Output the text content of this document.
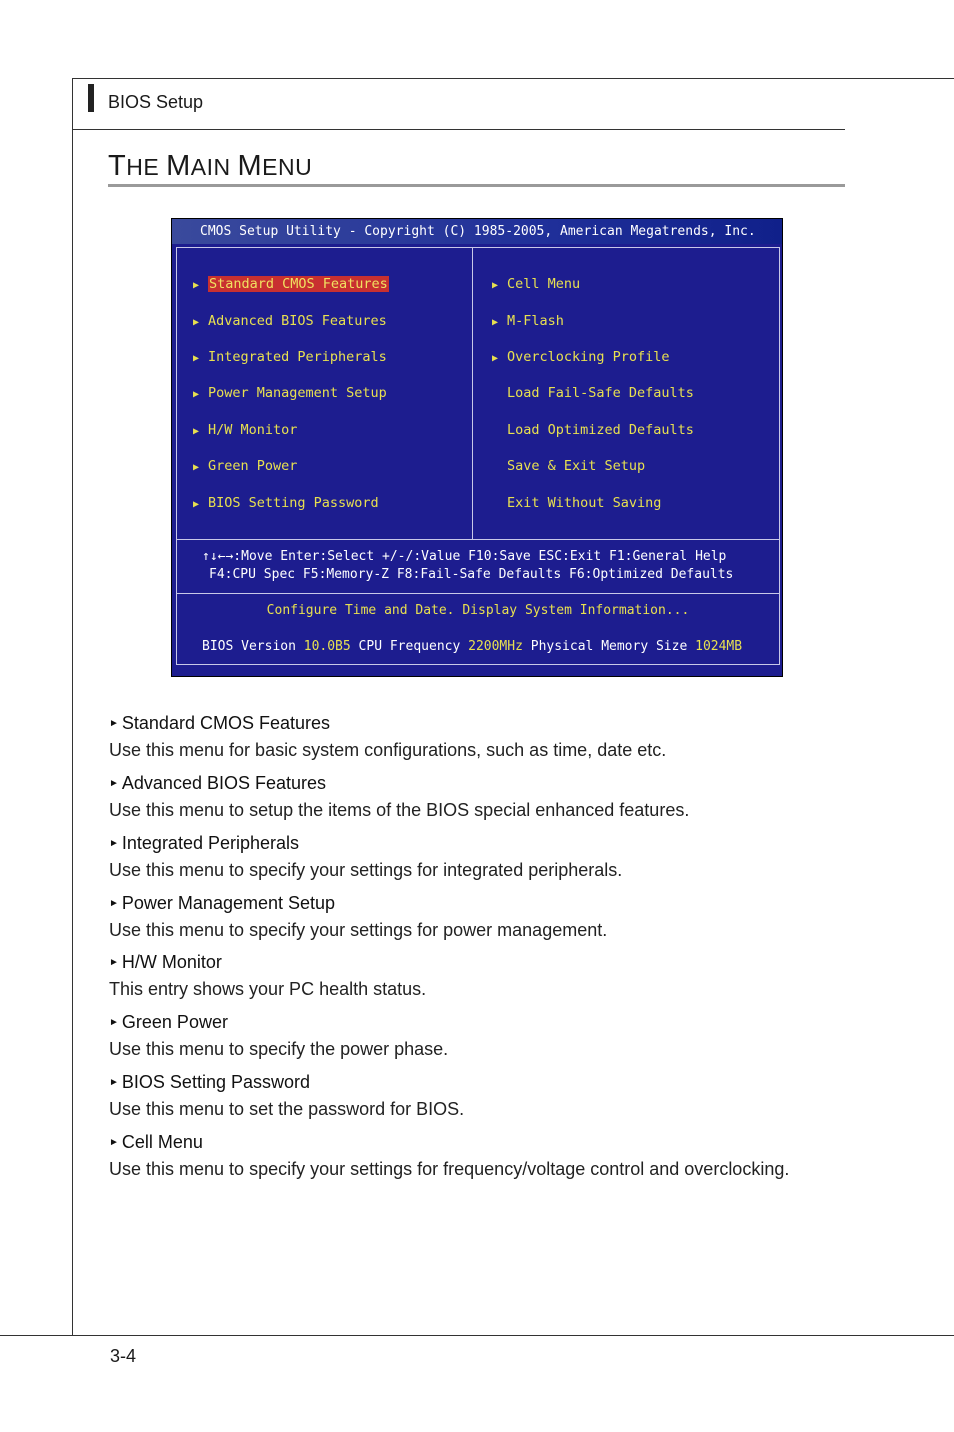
BIOS Setup
THE MAIN MENU
CMOS Setup Utility - Copyright (C) 1985-2005, American Megatrends, Inc.
▶ Standard CMOS Features
▶ Advanced BIOS Features
▶ Integrated Peripherals
▶ Power Management Setup
▶ H/W Monitor
▶ Green Power
▶ BIOS Setting Password
▶ Cell Menu
▶ M-Flash
▶ Overclocking Profile
Load Fail-Safe Defaults
Load Optimized Defaults
Save & Exit Setup
Exit Without Saving
↑↓←→:Move Enter:Select +/-/:Value F10:Save ESC:Exit F1:General Help
F4:CPU Spec F5:Memory-Z F8:Fail-Safe Defaults F6:Optimized Defaults
Configure Time and Date. Display System Information...
BIOS Version 10.0B5 CPU Frequency 2200MHz Physical Memory Size 1024MB
► Standard CMOS Features
Use this menu for basic system configurations, such as time, date etc.
► Advanced BIOS Features
Use this menu to setup the items of the BIOS special enhanced features.
► Integrated Peripherals
Use this menu to specify your settings for integrated peripherals.
► Power Management Setup
Use this menu to specify your settings for power management.
► H/W Monitor
This entry shows your PC health status.
► Green Power
Use this menu to specify the power phase.
► BIOS Setting Password
Use this menu to set the password for BIOS.
► Cell Menu
Use this menu to specify your settings for frequency/voltage control and overclocking.
3-4
